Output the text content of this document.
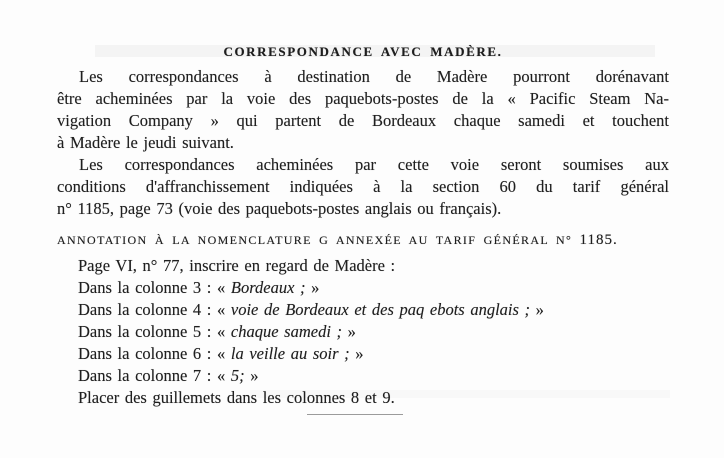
CORRESPONDANCE AVEC MADÈRE.
Les correspondances à destination de Madère pourront dorénavant
être acheminées par la voie des paquebots-postes de la « Pacific Steam Na-
vigation Company » qui partent de Bordeaux chaque samedi et touchent
à Madère le jeudi suivant.
Les correspondances acheminées par cette voie seront soumises aux
conditions d'affranchissement indiquées à la section 60 du tarif général
n° 1185, page 73 (voie des paquebots-postes anglais ou français).
ANNOTATION À LA NOMENCLATURE G ANNEXÉE AU TARIF GÉNÉRAL N° 1185.
Page VI, n° 77, inscrire en regard de Madère :
Dans la colonne 3 : « Bordeaux ; »
Dans la colonne 4 : « voie de Bordeaux et des paq ebots anglais ; »
Dans la colonne 5 : « chaque samedi ; »
Dans la colonne 6 : « la veille au soir ; »
Dans la colonne 7 : « 5; »
Placer des guillemets dans les colonnes 8 et 9.
